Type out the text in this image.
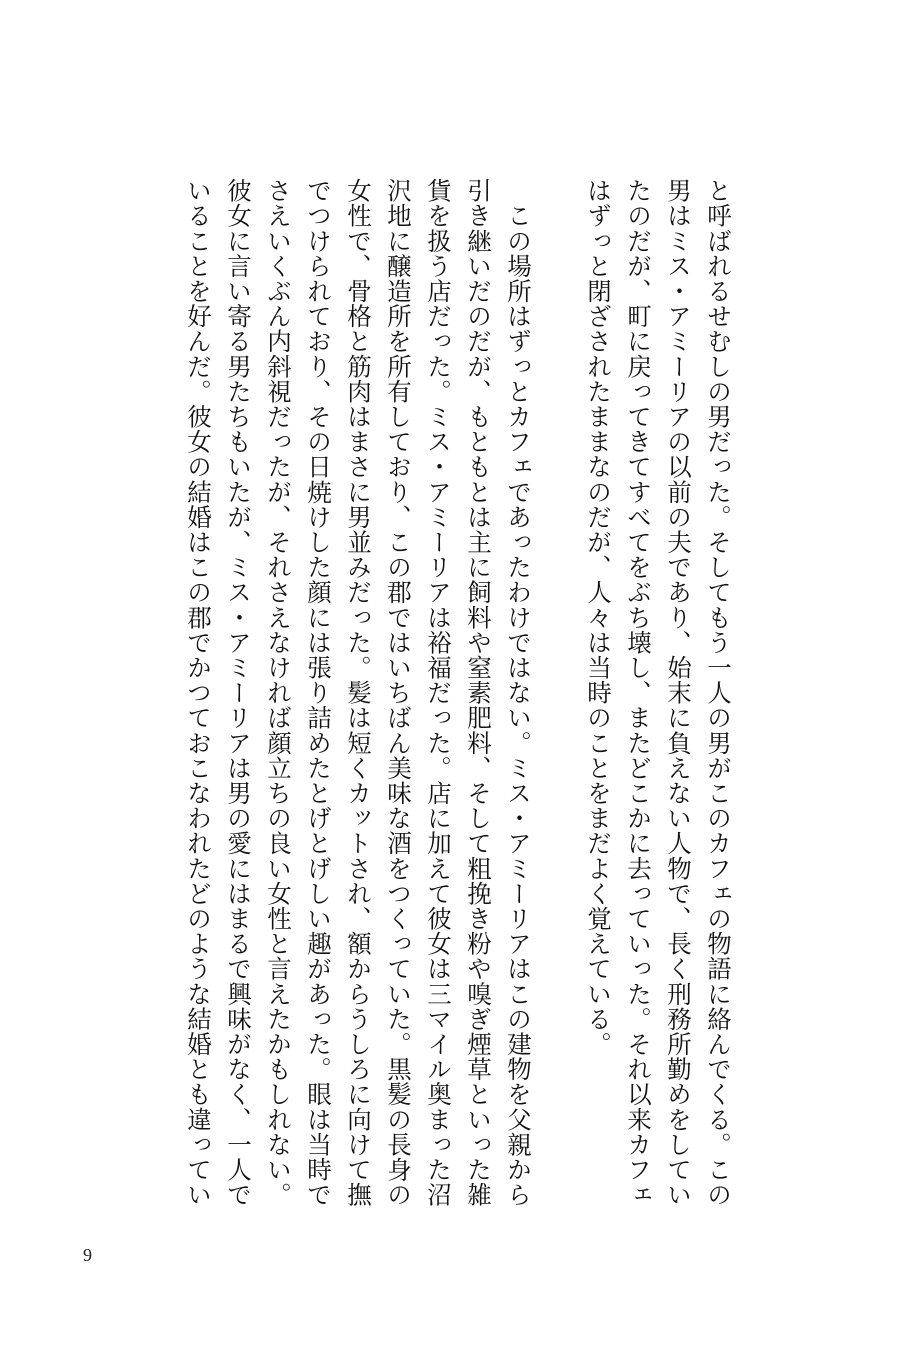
と呼ばれるせむしの男だった。そしてもう一人の男がこのカフェの物語に絡んでくる。この
男はミス・アミーリアの以前の夫であり、始末に負えない人物で、長く刑務所勤めをしてい
たのだが、町に戻ってきてすべてをぶち壊し、またどこかに去っていった。それ以来カフェ
はずっと閉ざされたままなのだが、人々は当時のことをまだよく覚えている。
　この場所はずっとカフェであったわけではない。ミス・アミーリアはこの建物を父親から
引き継いだのだが、もともとは主に飼料や窒素肥料、そして粗挽き粉や嗅ぎ煙草といった雑
貨を扱う店だった。ミス・アミーリアは裕福だった。店に加えて彼女は三マイル奥まった沼
沢地に醸造所を所有しており、この郡ではいちばん美味な酒をつくっていた。黒髪の長身の
女性で、骨格と筋肉はまさに男並みだった。髪は短くカットされ、額からうしろに向けて撫
でつけられており、その日焼けした顔には張り詰めたとげとげしい趣があった。眼は当時で
さえいくぶん内斜視だったが、それさえなければ顔立ちの良い女性と言えたかもしれない。
彼女に言い寄る男たちもいたが、ミス・アミーリアは男の愛にはまるで興味がなく、一人で
いることを好んだ。彼女の結婚はこの郡でかつておこなわれたどのような結婚とも違ってい
9
